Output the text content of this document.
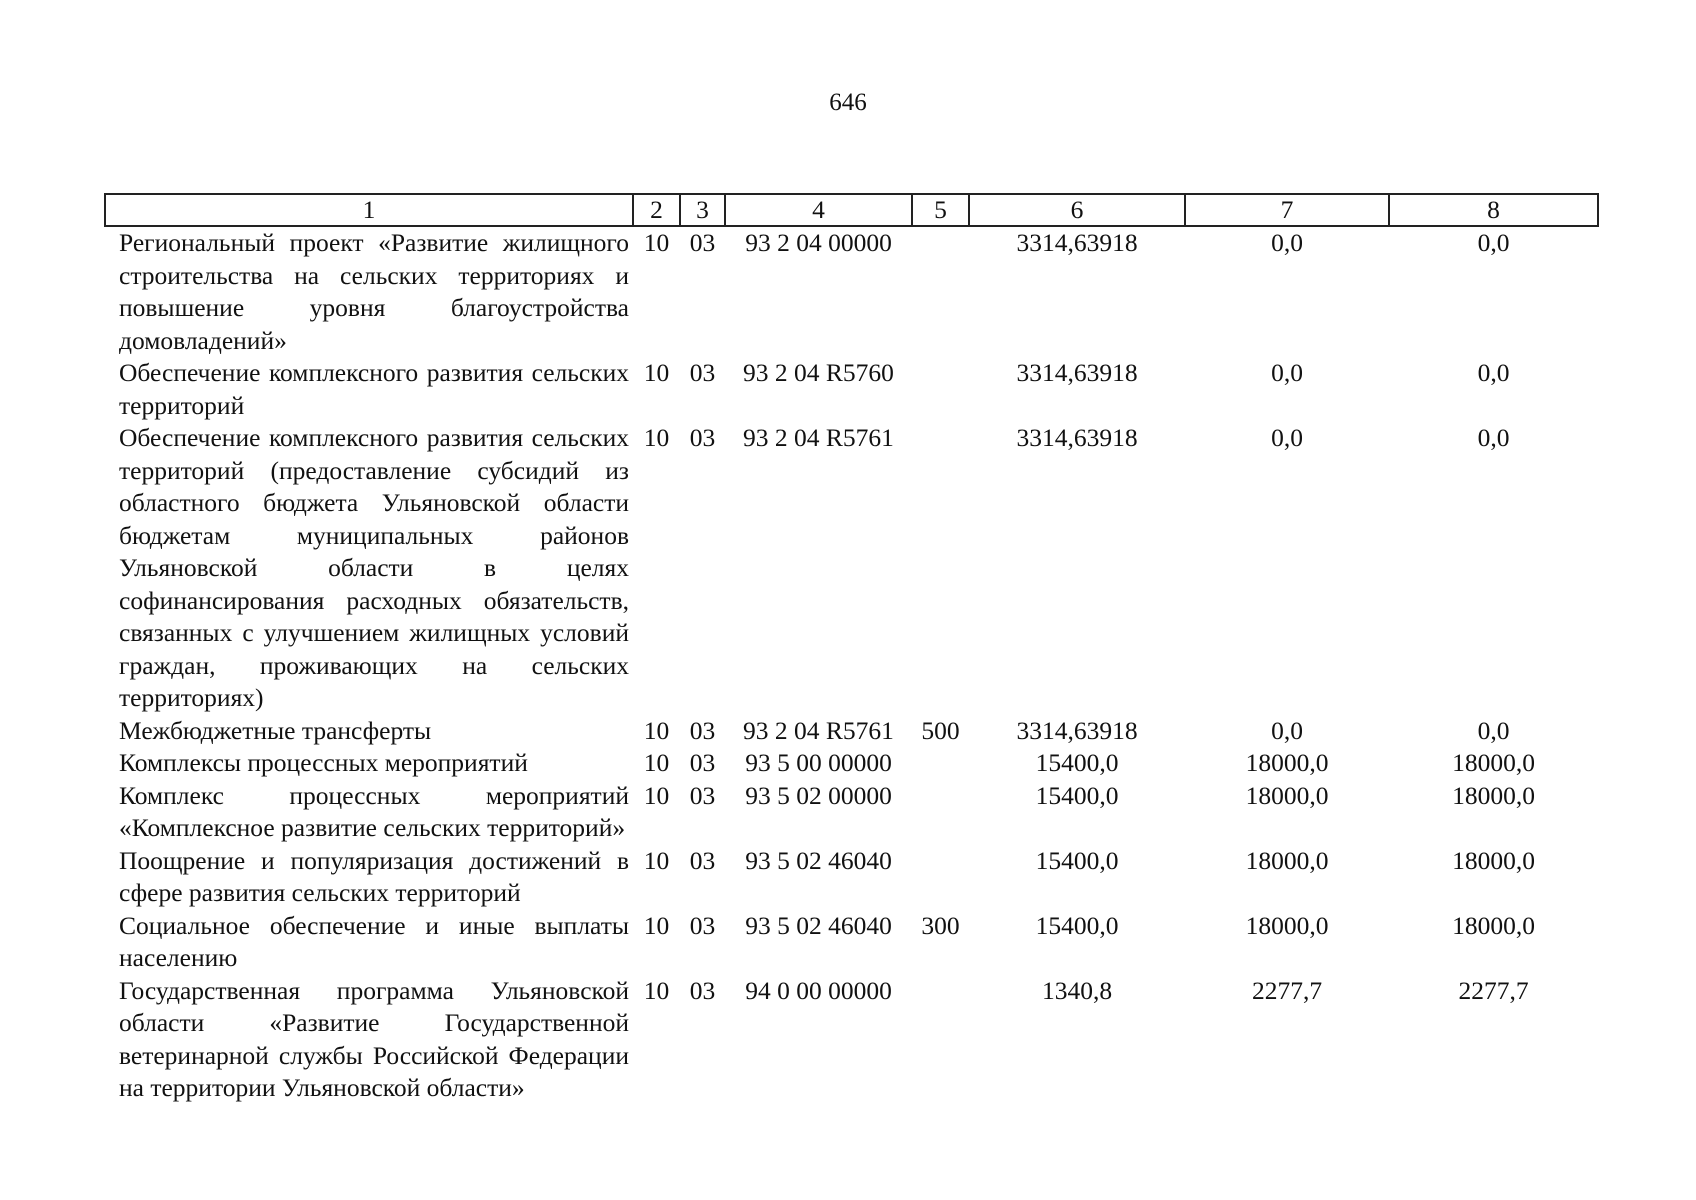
646
1	2	3	4	5	6	7	8
Региональный проект «Развитие жилищного строительства на сельских территориях и повышение уровня благоустройства домовладений»	10	03	93 2 04 00000		3314,63918	0,0	0,0
Обеспечение комплексного развития сельских территорий	10	03	93 2 04 R5760		3314,63918	0,0	0,0
Обеспечение комплексного развития сельских территорий (предоставление субсидий из областного бюджета Ульяновской области бюджетам муниципальных районов Ульяновской области в целях софинансирования расходных обязательств, связанных с улучшением жилищных условий граждан, проживающих на сельских территориях)	10	03	93 2 04 R5761		3314,63918	0,0	0,0
Межбюджетные трансферты	10	03	93 2 04 R5761	500	3314,63918	0,0	0,0
Комплексы процессных мероприятий	10	03	93 5 00 00000		15400,0	18000,0	18000,0
Комплекс процессных мероприятий «Комплексное развитие сельских территорий»	10	03	93 5 02 00000		15400,0	18000,0	18000,0
Поощрение и популяризация достижений в сфере развития сельских территорий	10	03	93 5 02 46040		15400,0	18000,0	18000,0
Социальное обеспечение и иные выплаты населению	10	03	93 5 02 46040	300	15400,0	18000,0	18000,0
Государственная программа Ульяновской области «Развитие Государственной ветеринарной службы Российской Федерации на территории Ульяновской области»	10	03	94 0 00 00000		1340,8	2277,7	2277,7
